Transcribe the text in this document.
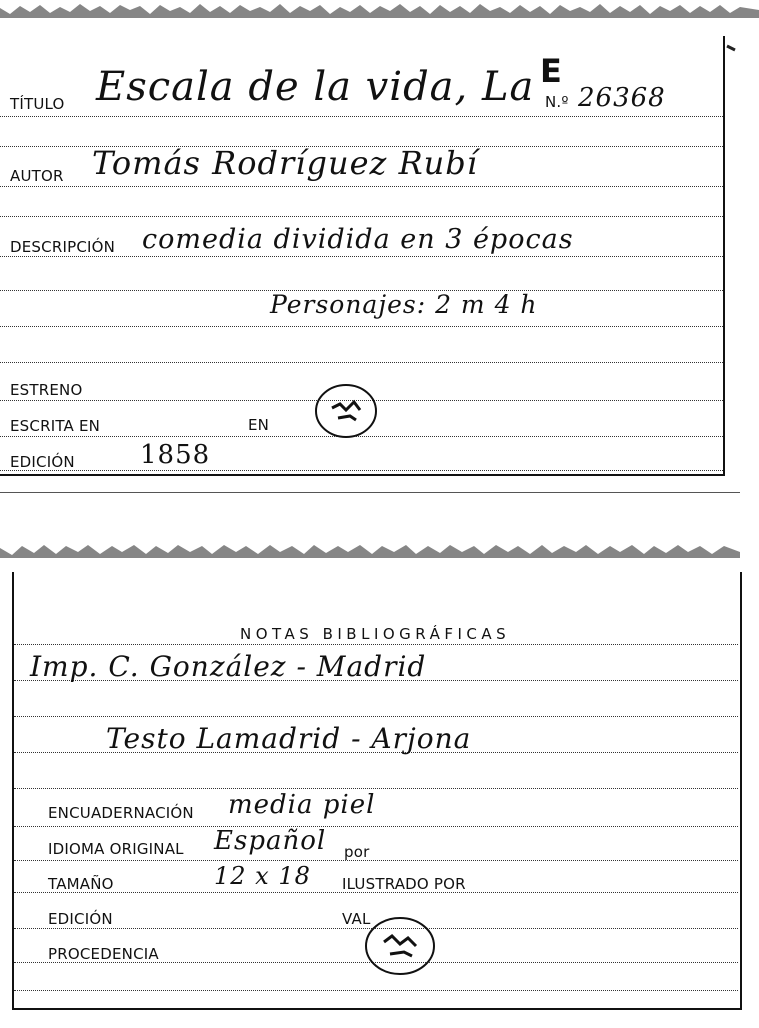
TÍTULO Escala de la vida, La E
N.º 26368
AUTOR Tomás Rodríguez Rubí
DESCRIPCIÓN comedia dividida en 3 épocas
Personajes: 2 m 4 h
ESTRENO
ESCRITA EN	EN
EDICIÓN	1858
NOTAS BIBLIOGRÁFICAS
Imp. C. González - Madrid
Testo Lamadrid - Arjona
ENCUADERNACIÓN media piel
IDIOMA ORIGINAL Español por
TAMAÑO	12 x 18 ILUSTRADO POR
EDICIÓN	VAL
PROCEDENCIA
